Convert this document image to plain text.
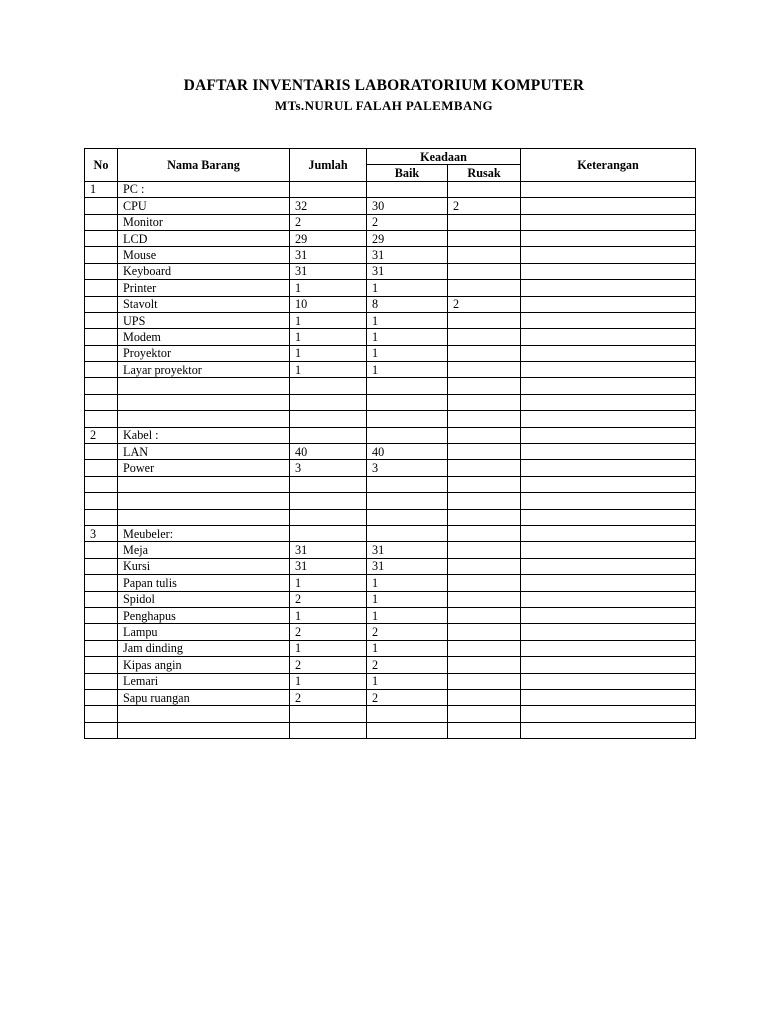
DAFTAR INVENTARIS LABORATORIUM KOMPUTER
MTs.NURUL FALAH PALEMBANG
No	Nama Barang	Jumlah	Keadaan		Keterangan
			Baik	Rusak	
1	PC :				
	CPU	32	30	2	
	Monitor	2	2		
	LCD	29	29		
	Mouse	31	31		
	Keyboard	31	31		
	Printer	1	1		
	Stavolt	10	8	2	
	UPS	1	1		
	Modem	1	1		
	Proyektor	1	1		
	Layar proyektor	1	1		

2	Kabel :				
	LAN	40	40		
	Power	3	3		

3	Meubeler:				
	Meja	31	31		
	Kursi	31	31		
	Papan tulis	1	1		
	Spidol	2	1		
	Penghapus	1	1		
	Lampu	2	2		
	Jam dinding	1	1		
	Kipas angin	2	2		
	Lemari	1	1		
	Sapu ruangan	2	2		
